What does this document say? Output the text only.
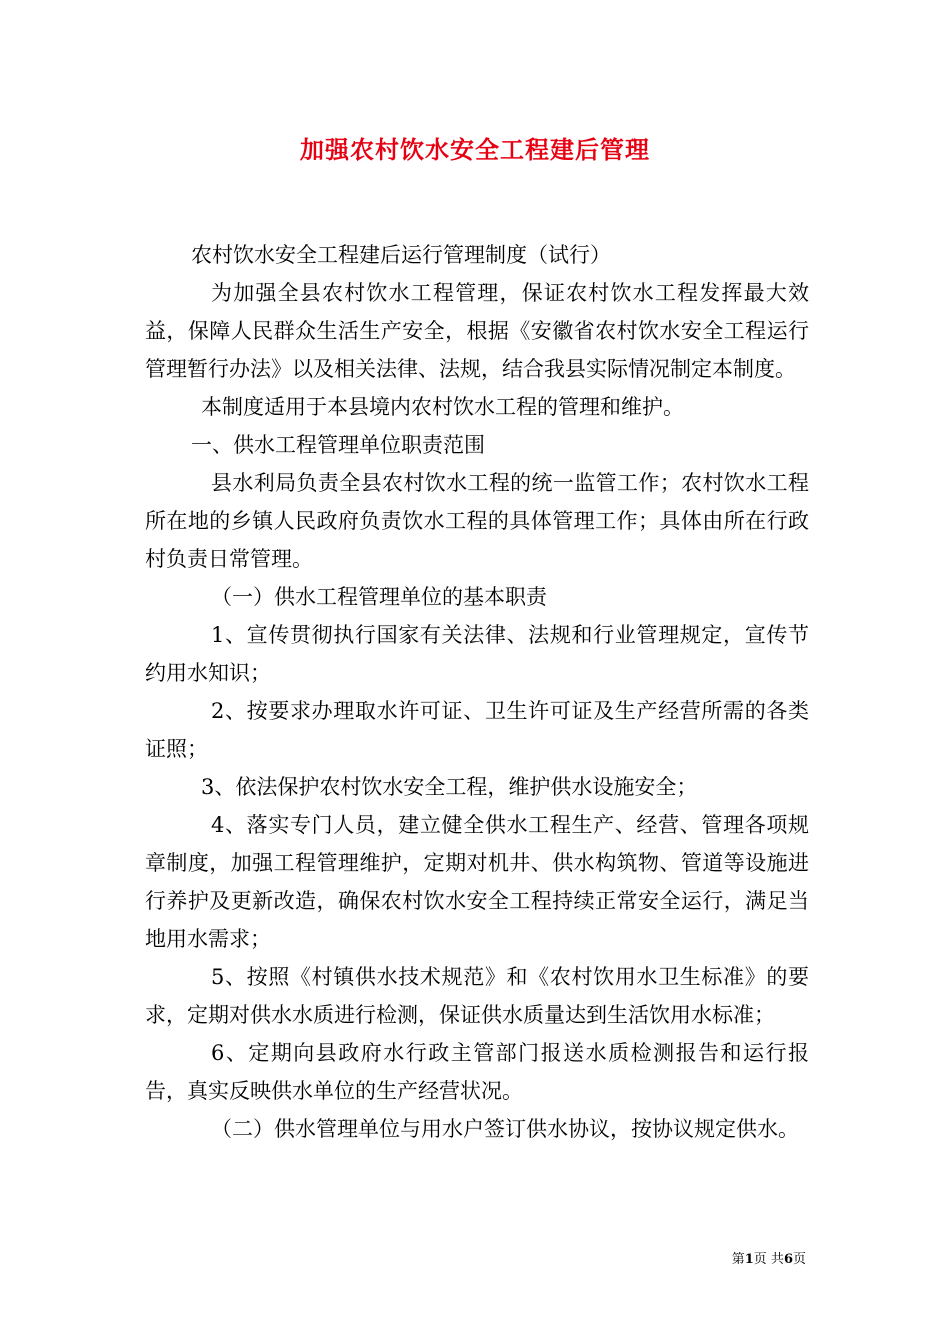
加强农村饮水安全工程建后管理

农村饮水安全工程建后运行管理制度（试行）

为加强全县农村饮水工程管理，保证农村饮水工程发挥最大效益，保障人民群众生活生产安全，根据《安徽省农村饮水安全工程运行管理暂行办法》以及相关法律、法规，结合我县实际情况制定本制度。

本制度适用于本县境内农村饮水工程的管理和维护。

一、供水工程管理单位职责范围

县水利局负责全县农村饮水工程的统一监管工作；农村饮水工程所在地的乡镇人民政府负责饮水工程的具体管理工作；具体由所在行政村负责日常管理。

（一）供水工程管理单位的基本职责

1、宣传贯彻执行国家有关法律、法规和行业管理规定，宣传节约用水知识；

2、按要求办理取水许可证、卫生许可证及生产经营所需的各类证照；

3、依法保护农村饮水安全工程，维护供水设施安全；

4、落实专门人员，建立健全供水工程生产、经营、管理各项规章制度，加强工程管理维护，定期对机井、供水构筑物、管道等设施进行养护及更新改造，确保农村饮水安全工程持续正常安全运行，满足当地用水需求；

5、按照《村镇供水技术规范》和《农村饮用水卫生标准》的要求，定期对供水水质进行检测，保证供水质量达到生活饮用水标准；

6、定期向县政府水行政主管部门报送水质检测报告和运行报告，真实反映供水单位的生产经营状况。

（二）供水管理单位与用水户签订供水协议，按协议规定供水。

第1页 共6页
